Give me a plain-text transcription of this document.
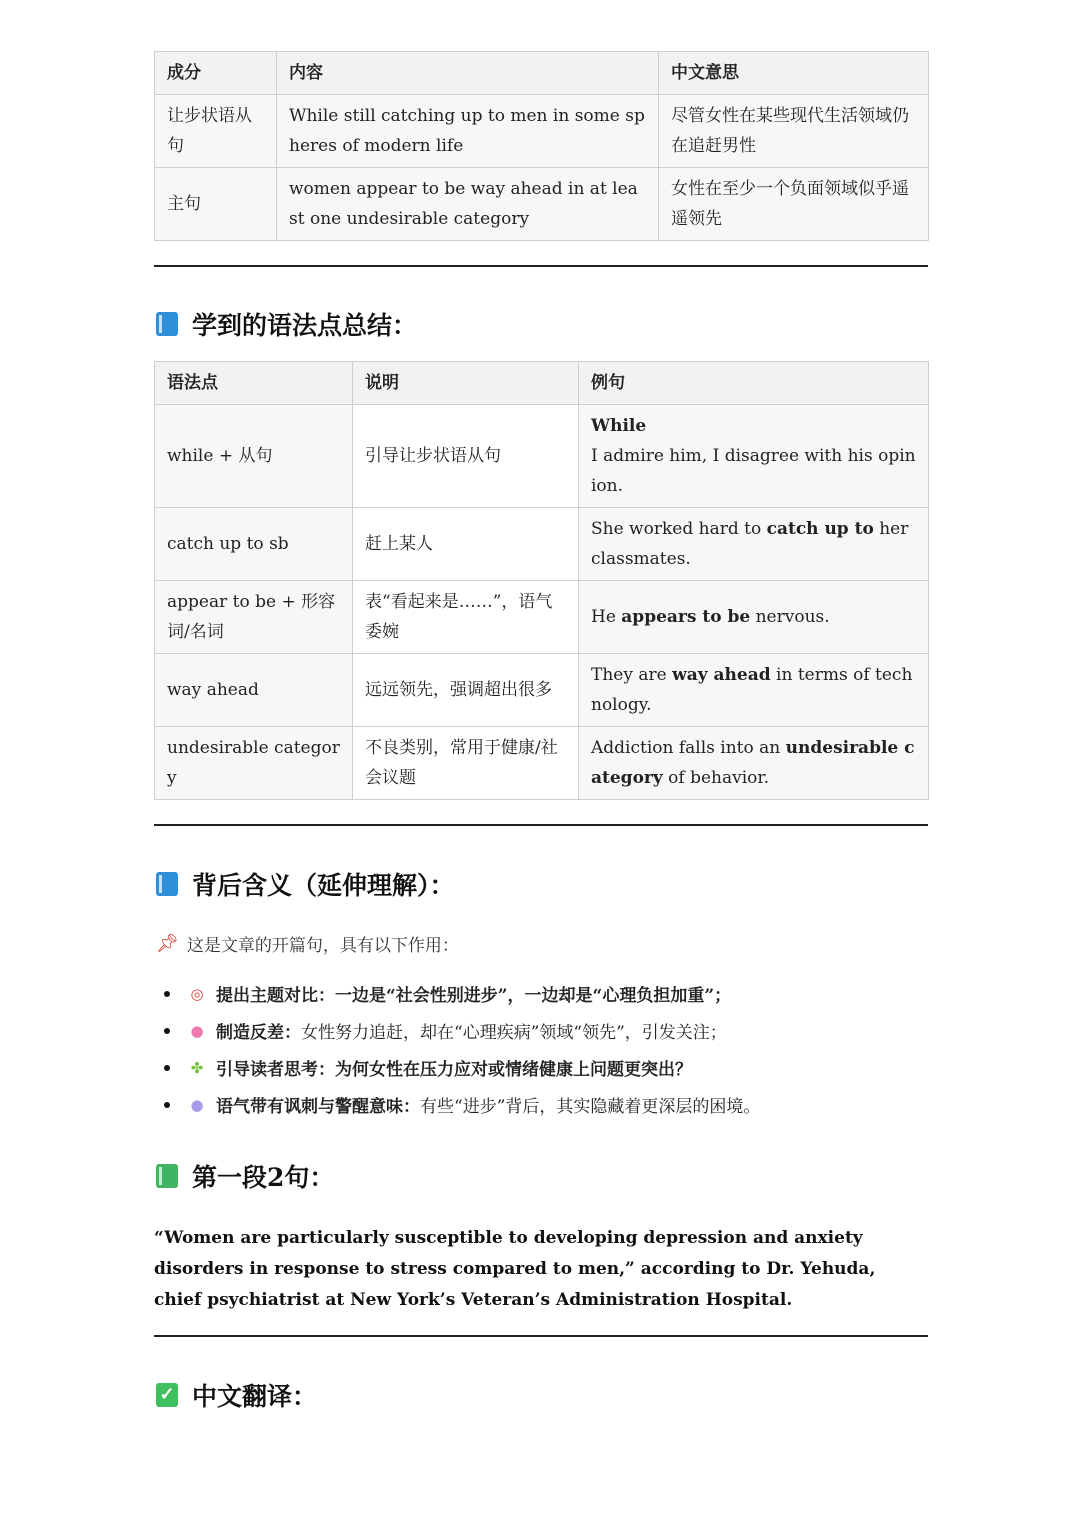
成分	内容	中文意思
让步状语从句	While still catching up to men in some spheres of modern life	尽管女性在某些现代生活领域仍在追赶男性
主句	women appear to be way ahead in at least one undesirable category	女性在至少一个负面领域似乎遥遥领先
学到的语法点总结：
语法点	说明	例句
while + 从句	引导让步状语从句	While
I admire him, I disagree with his opinion.
catch up to sb	赶上某人	She worked hard to catch up to her classmates.
appear to be + 形容词/名词	表“看起来是……”，语气委婉	He appears to be nervous.
way ahead	远远领先，强调超出很多	They are way ahead in terms of technology.
undesirable category	不良类别，常用于健康/社会议题	Addiction falls into an undesirable category of behavior.
背后含义（延伸理解）：
📌︎ 这是文章的开篇句，具有以下作用：
◎ 提出主题对比： 一边是“社会性别进步”，一边却是“心理负担加重”；
● 制造反差： 女性努力追赶，却在“心理疾病”领域“领先”，引发关注；
✤ 引导读者思考： 为何女性在压力应对或情绪健康上问题更突出？
● 语气带有讽刺与警醒意味： 有些“进步”背后，其实隐藏着更深层的困境。
第一段2句：
“Women are particularly susceptible to developing depression and anxiety disorders in response to stress compared to men,” according to Dr. Yehuda, chief psychiatrist at New York’s Veteran’s Administration Hospital.
✓ 中文翻译：
